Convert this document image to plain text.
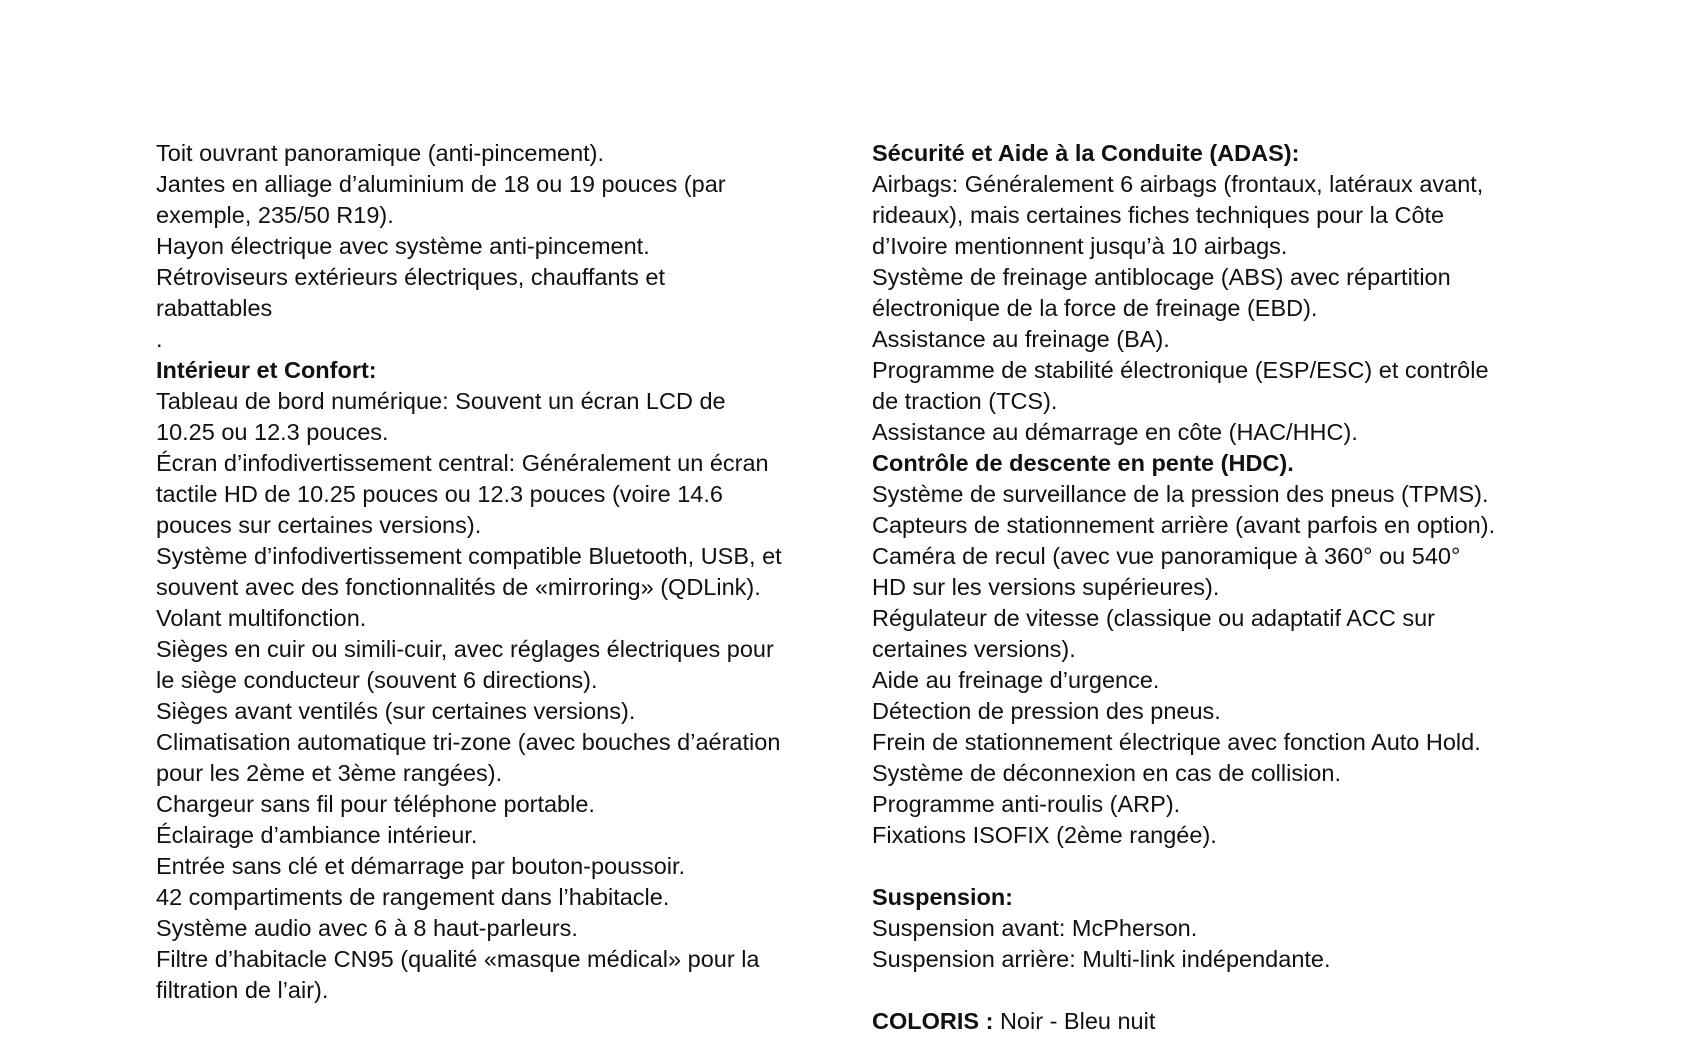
Toit ouvrant panoramique (anti-pincement).
Jantes en alliage d’aluminium de 18 ou 19 pouces (par
exemple, 235/50 R19).
Hayon électrique avec système anti-pincement.
Rétroviseurs extérieurs électriques, chauffants et
rabattables
.
Intérieur et Confort:
Tableau de bord numérique: Souvent un écran LCD de
10.25 ou 12.3 pouces.
Écran d’infodivertissement central: Généralement un écran
tactile HD de 10.25 pouces ou 12.3 pouces (voire 14.6
pouces sur certaines versions).
Système d’infodivertissement compatible Bluetooth, USB, et
souvent avec des fonctionnalités de «mirroring» (QDLink).
Volant multifonction.
Sièges en cuir ou simili-cuir, avec réglages électriques pour
le siège conducteur (souvent 6 directions).
Sièges avant ventilés (sur certaines versions).
Climatisation automatique tri-zone (avec bouches d’aération
pour les 2ème et 3ème rangées).
Chargeur sans fil pour téléphone portable.
Éclairage d’ambiance intérieur.
Entrée sans clé et démarrage par bouton-poussoir.
42 compartiments de rangement dans l’habitacle.
Système audio avec 6 à 8 haut-parleurs.
Filtre d’habitacle CN95 (qualité «masque médical» pour la
filtration de l’air).
Sécurité et Aide à la Conduite (ADAS):
Airbags: Généralement 6 airbags (frontaux, latéraux avant,
rideaux), mais certaines fiches techniques pour la Côte
d’Ivoire mentionnent jusqu’à 10 airbags.
Système de freinage antiblocage (ABS) avec répartition
électronique de la force de freinage (EBD).
Assistance au freinage (BA).
Programme de stabilité électronique (ESP/ESC) et contrôle
de traction (TCS).
Assistance au démarrage en côte (HAC/HHC).
Contrôle de descente en pente (HDC).
Système de surveillance de la pression des pneus (TPMS).
Capteurs de stationnement arrière (avant parfois en option).
Caméra de recul (avec vue panoramique à 360° ou 540°
HD sur les versions supérieures).
Régulateur de vitesse (classique ou adaptatif ACC sur
certaines versions).
Aide au freinage d’urgence.
Détection de pression des pneus.
Frein de stationnement électrique avec fonction Auto Hold.
Système de déconnexion en cas de collision.
Programme anti-roulis (ARP).
Fixations ISOFIX (2ème rangée).
Suspension:
Suspension avant: McPherson.
Suspension arrière: Multi-link indépendante.
COLORIS : Noir - Bleu nuit
